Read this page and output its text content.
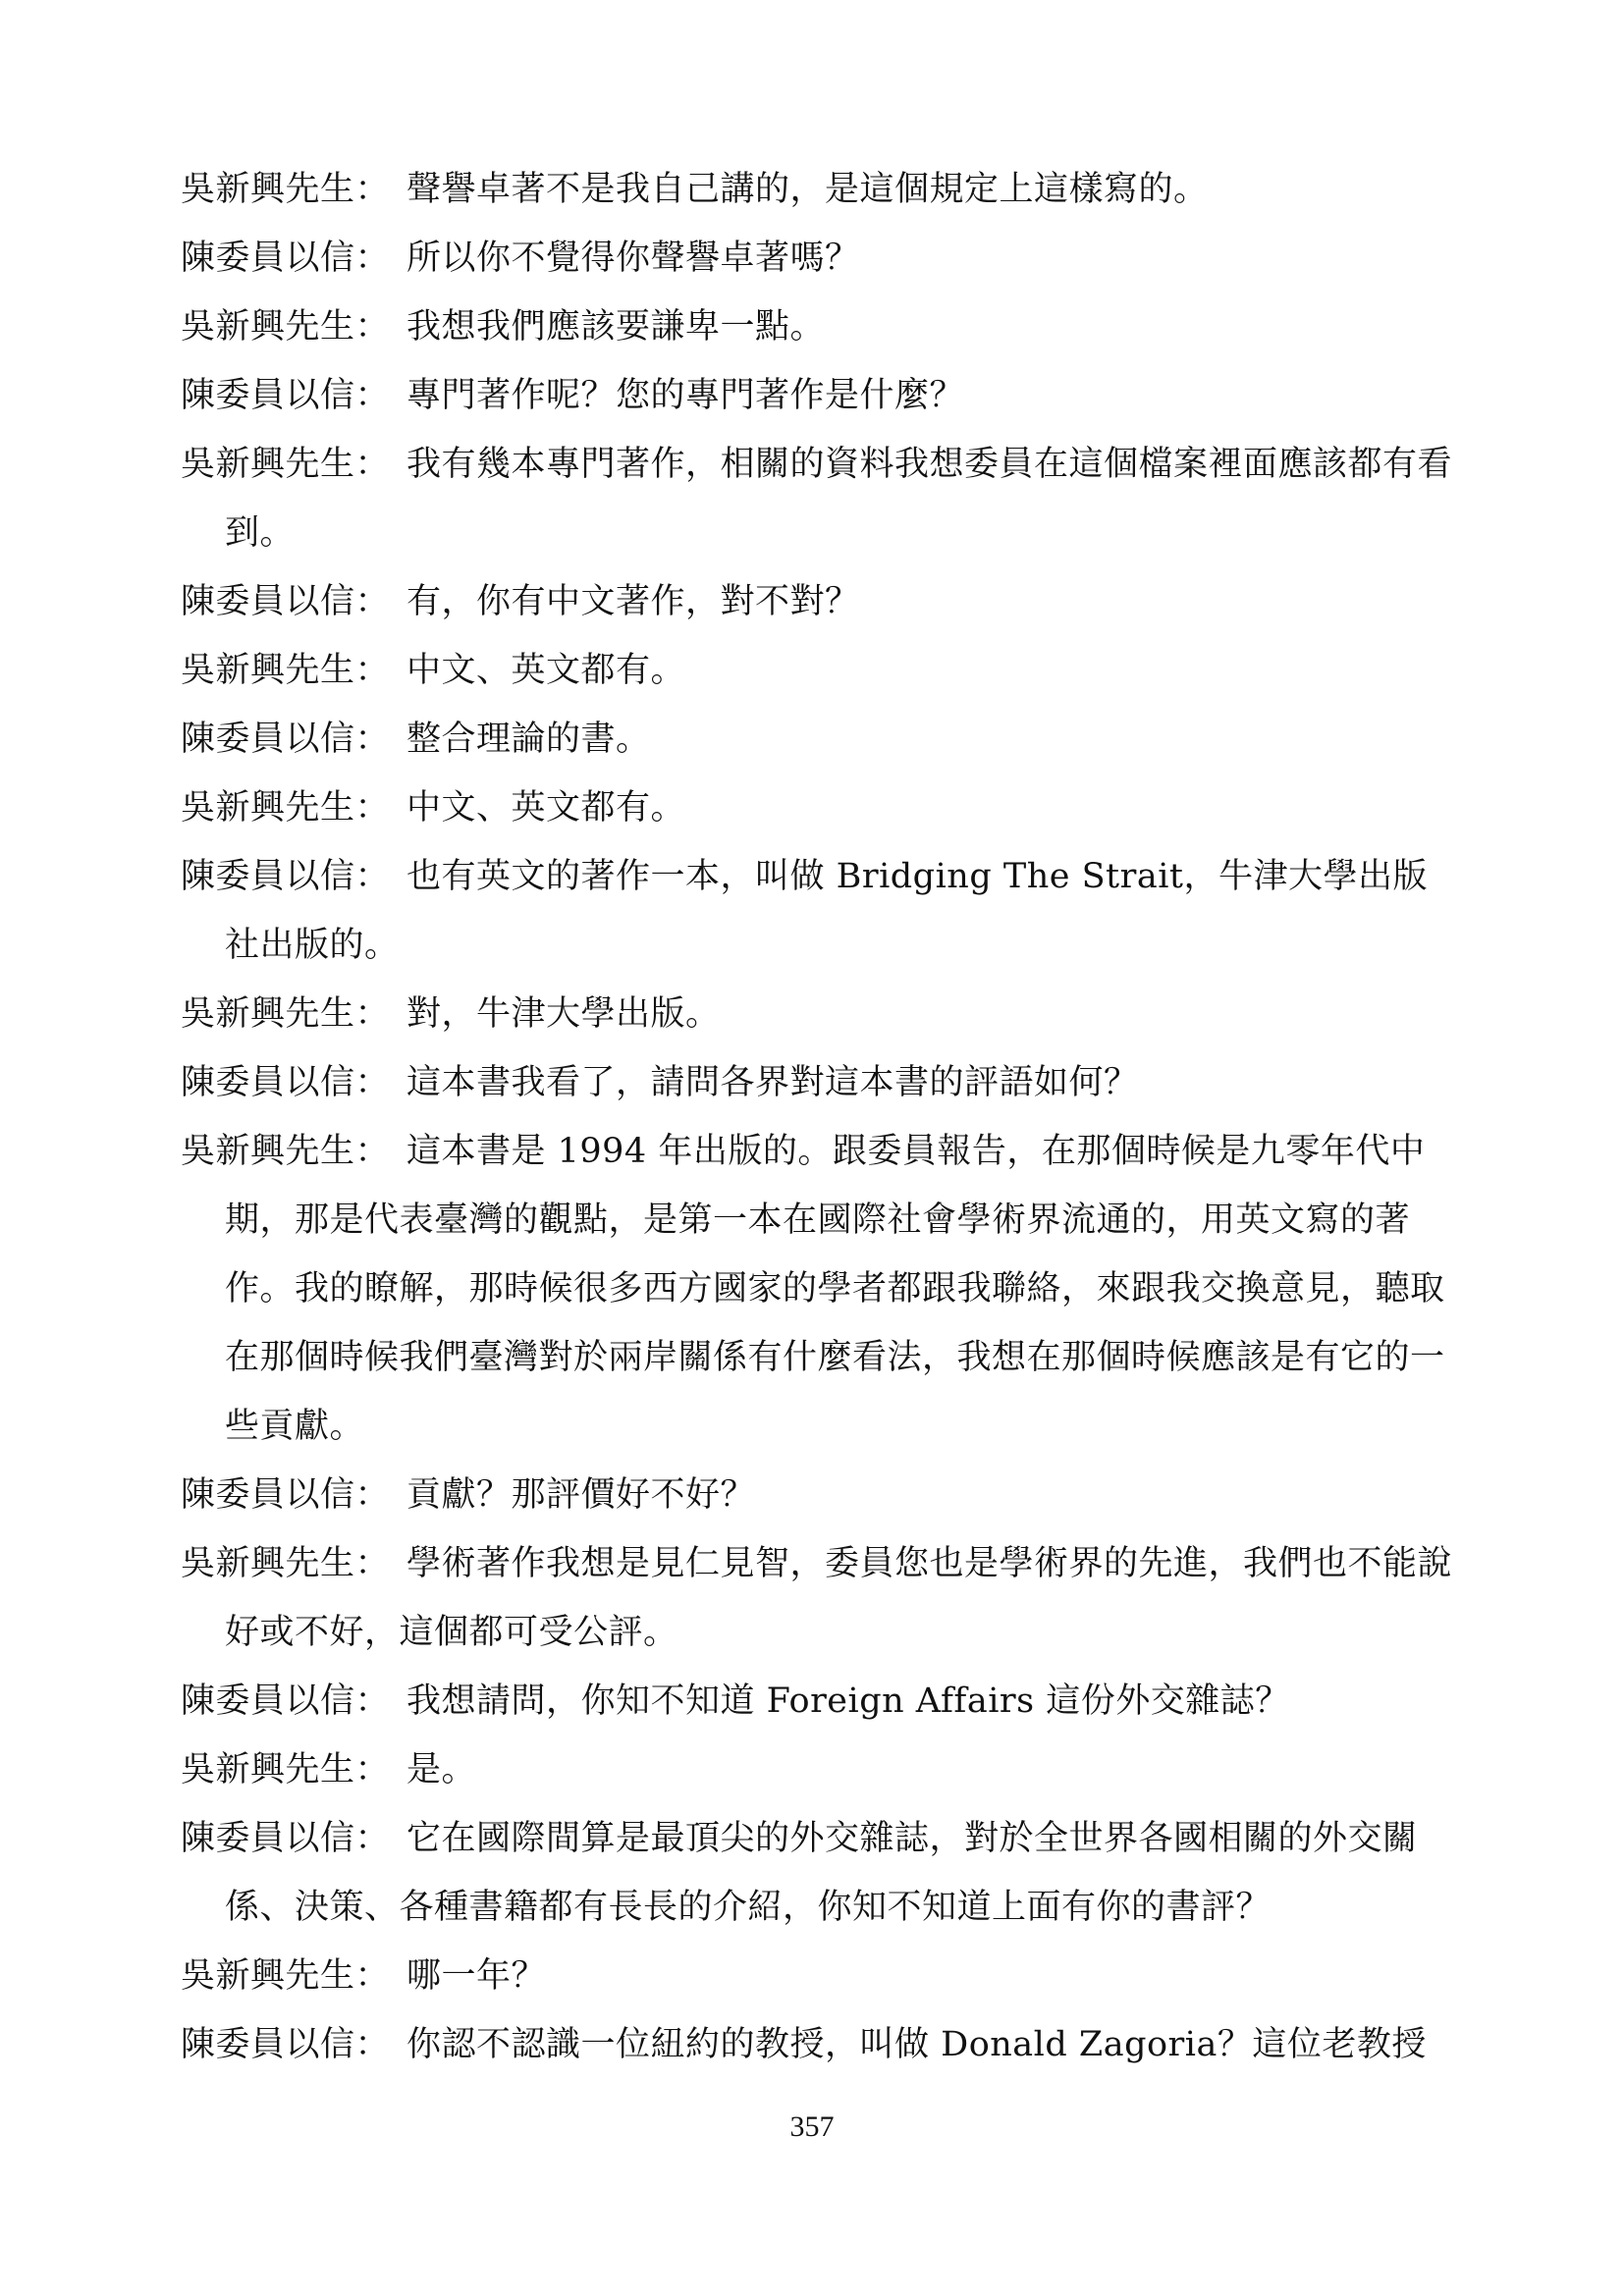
吳新興先生： 聲譽卓著不是我自己講的，是這個規定上這樣寫的。
陳委員以信： 所以你不覺得你聲譽卓著嗎？
吳新興先生： 我想我們應該要謙卑一點。
陳委員以信： 專門著作呢？您的專門著作是什麼？
吳新興先生： 我有幾本專門著作，相關的資料我想委員在這個檔案裡面應該都有看到。
陳委員以信： 有，你有中文著作，對不對？
吳新興先生： 中文、英文都有。
陳委員以信： 整合理論的書。
吳新興先生： 中文、英文都有。
陳委員以信： 也有英文的著作一本，叫做 Bridging The Strait，牛津大學出版社出版的。
吳新興先生： 對，牛津大學出版。
陳委員以信： 這本書我看了，請問各界對這本書的評語如何？
吳新興先生： 這本書是 1994 年出版的。跟委員報告，在那個時候是九零年代中期，那是代表臺灣的觀點，是第一本在國際社會學術界流通的，用英文寫的著作。我的瞭解，那時候很多西方國家的學者都跟我聯絡，來跟我交換意見，聽取在那個時候我們臺灣對於兩岸關係有什麼看法，我想在那個時候應該是有它的一些貢獻。
陳委員以信： 貢獻？那評價好不好？
吳新興先生： 學術著作我想是見仁見智，委員您也是學術界的先進，我們也不能說好或不好，這個都可受公評。
陳委員以信： 我想請問，你知不知道 Foreign Affairs 這份外交雜誌？
吳新興先生： 是。
陳委員以信： 它在國際間算是最頂尖的外交雜誌，對於全世界各國相關的外交關係、決策、各種書籍都有長長的介紹，你知不知道上面有你的書評？
吳新興先生： 哪一年？
陳委員以信： 你認不認識一位紐約的教授，叫做 Donald Zagoria？這位老教授
357
